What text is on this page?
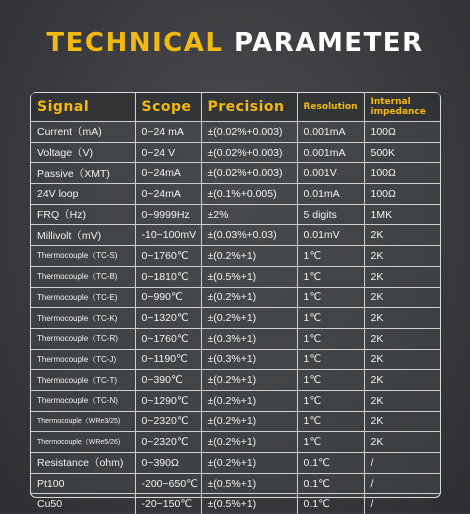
TECHNICAL PARAMETER
Signal	Scope	Precision	Resolution	Internal impedance
Current（mA)	0~24 mA	±(0.02%+0.003)	0.001mA	100Ω
Voltage（V)	0~24 V	±(0.02%+0.003)	0.001mA	500K
Passive（XMT)	0~24mA	±(0.02%+0.003)	0.001V	100Ω
24V loop	0~24mA	±(0.1%+0.005)	0.01mA	100Ω
FRQ（Hz)	0~9999Hz	±2%	5 digits	1MK
Millivolt（mV)	-10~100mV	±(0.03%+0.03)	0.01mV	2K
Thermocouple（TC-S)	0~1760℃	±(0.2%+1)	1℃	2K
Thermocouple（TC-B)	0~1810℃	±(0.5%+1)	1℃	2K
Thermocouple（TC-E)	0~990℃	±(0.2%+1)	1℃	2K
Thermocouple（TC-K)	0~1320℃	±(0.2%+1)	1℃	2K
Thermocouple（TC-R)	0~1760℃	±(0.3%+1)	1℃	2K
Thermocouple（TC-J)	0~1190℃	±(0.3%+1)	1℃	2K
Thermocouple（TC-T)	0~390℃	±(0.2%+1)	1℃	2K
Thermocouple（TC-N)	0~1290℃	±(0.2%+1)	1℃	2K
Thermocouple（WRe3/25)	0~2320℃	±(0.2%+1)	1℃	2K
Thermocouple（WRe5/26)	0~2320℃	±(0.2%+1)	1℃	2K
Resistance（ohm)	0~390Ω	±(0.2%+1)	0.1℃	/
Pt100	-200~650℃	±(0.5%+1)	0.1℃	/
Cu50	-20~150℃	±(0.5%+1)	0.1℃	/
